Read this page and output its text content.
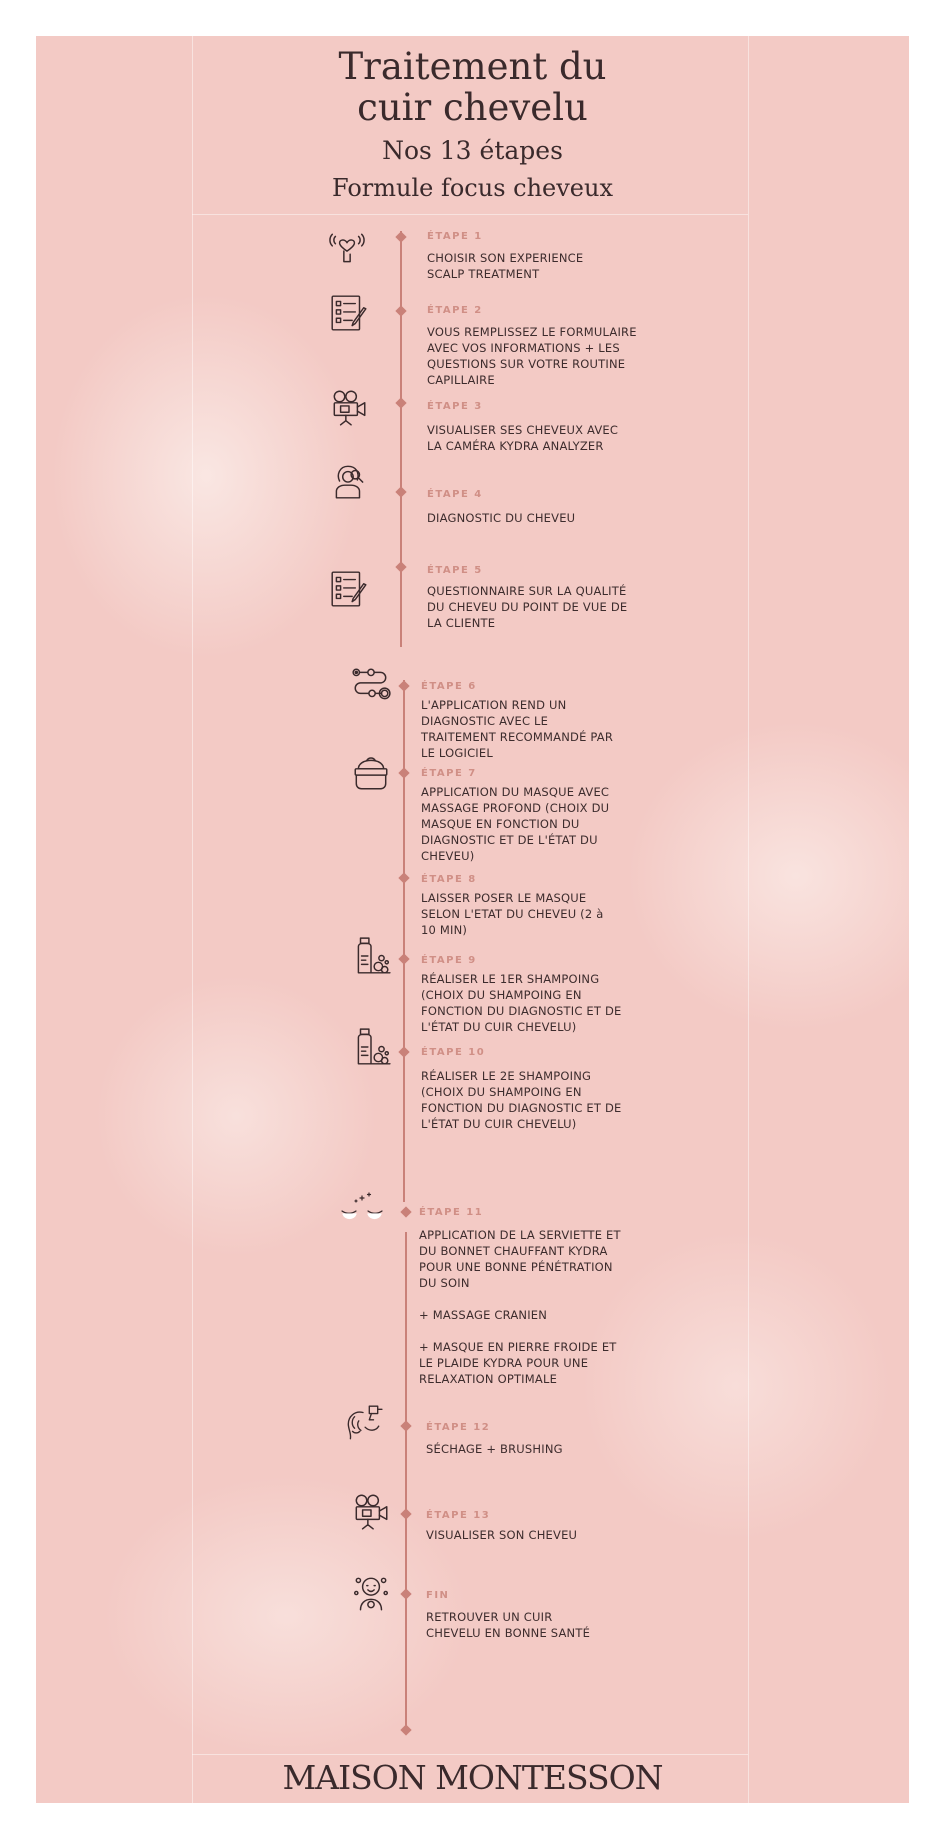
Traitement du
cuir chevelu
Nos 13 étapes
Formule focus cheveux
ÉTAPE 1
CHOISIR SON EXPERIENCE
SCALP TREATMENT
ÉTAPE 2
VOUS REMPLISSEZ LE FORMULAIRE
AVEC VOS INFORMATIONS + LES
QUESTIONS SUR VOTRE ROUTINE
CAPILLAIRE
ÉTAPE 3
VISUALISER SES CHEVEUX AVEC
LA CAMÉRA KYDRA ANALYZER
ÉTAPE 4
DIAGNOSTIC DU CHEVEU
ÉTAPE 5
QUESTIONNAIRE SUR LA QUALITÉ
DU CHEVEU DU POINT DE VUE DE
LA CLIENTE
ÉTAPE 6
L'APPLICATION REND UN
DIAGNOSTIC AVEC LE
TRAITEMENT RECOMMANDÉ PAR
LE LOGICIEL
ÉTAPE 7
APPLICATION DU MASQUE AVEC
MASSAGE PROFOND (CHOIX DU
MASQUE EN FONCTION DU
DIAGNOSTIC ET DE L'ÉTAT DU
CHEVEU)
ÉTAPE 8
LAISSER POSER LE MASQUE
SELON L'ETAT DU CHEVEU (2 à
10 MIN)
ÉTAPE 9
RÉALISER LE 1ER SHAMPOING
(CHOIX DU SHAMPOING EN
FONCTION DU DIAGNOSTIC ET DE
L'ÉTAT DU CUIR CHEVELU)
ÉTAPE 10
RÉALISER LE 2E SHAMPOING
(CHOIX DU SHAMPOING EN
FONCTION DU DIAGNOSTIC ET DE
L'ÉTAT DU CUIR CHEVELU)
ÉTAPE 11
APPLICATION DE LA SERVIETTE ET
DU BONNET CHAUFFANT KYDRA
POUR UNE BONNE PÉNÉTRATION
DU SOIN

+ MASSAGE CRANIEN

+ MASQUE EN PIERRE FROIDE ET
LE PLAIDE KYDRA POUR UNE
RELAXATION OPTIMALE
ÉTAPE 12
SÉCHAGE + BRUSHING
ÉTAPE 13
VISUALISER SON CHEVEU
FIN
RETROUVER UN CUIR
CHEVELU EN BONNE SANTÉ
MAISON MONTESSON
